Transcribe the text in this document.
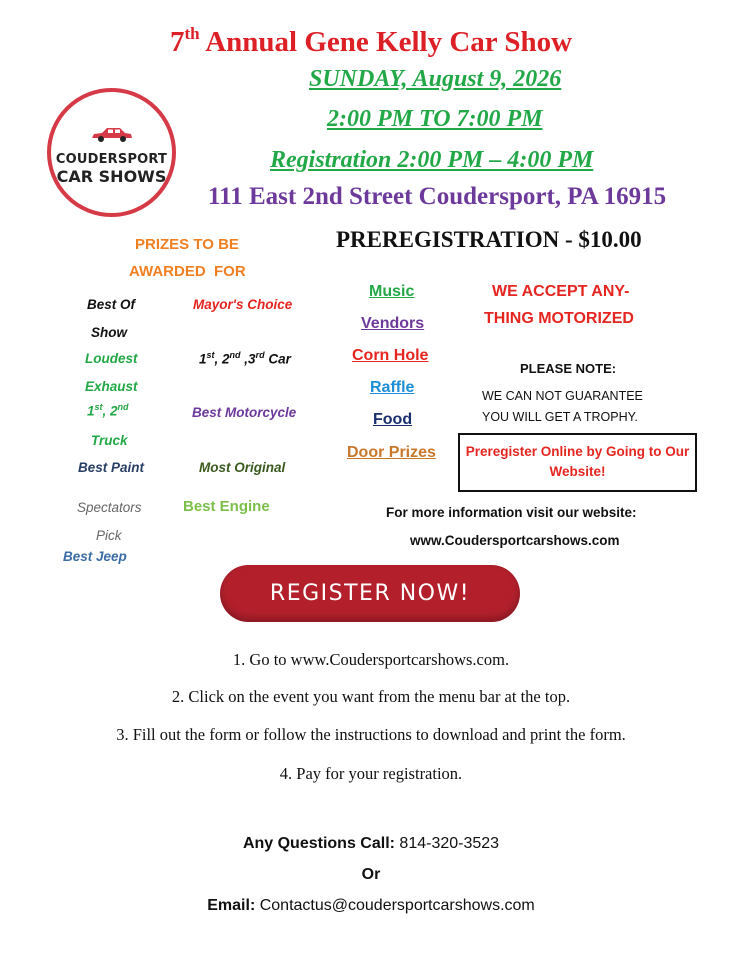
7th Annual Gene Kelly Car Show
SUNDAY, August 9, 2026
2:00 PM TO 7:00 PM
Registration 2:00 PM – 4:00 PM
111 East 2nd Street Coudersport, PA 16915
PREREGISTRATION - $10.00
COUDERSPORT
CAR SHOWS
PRIZES TO BE
AWARDED  FOR
Best Of
Show
Loudest
Exhaust
1st, 2nd
Truck
Best Paint
Spectators
Pick
Best Jeep
Mayor's Choice
1st, 2nd ,3rd Car
Best Motorcycle
Most Original
Best Engine
Music
Vendors
Corn Hole
Raffle
Food
Door Prizes
WE ACCEPT ANY-
THING MOTORIZED
PLEASE NOTE:
WE CAN NOT GUARANTEE
YOU WILL GET A TROPHY.
Preregister Online by Going to Our Website!
For more information visit our website:
www.Coudersportcarshows.com
REGISTER NOW!
1. Go to www.Coudersportcarshows.com.
2. Click on the event you want from the menu bar at the top.
3. Fill out the form or follow the instructions to download and print the form.
4. Pay for your registration.
Any Questions Call: 814-320-3523
Or
Email: Contactus@coudersportcarshows.com
